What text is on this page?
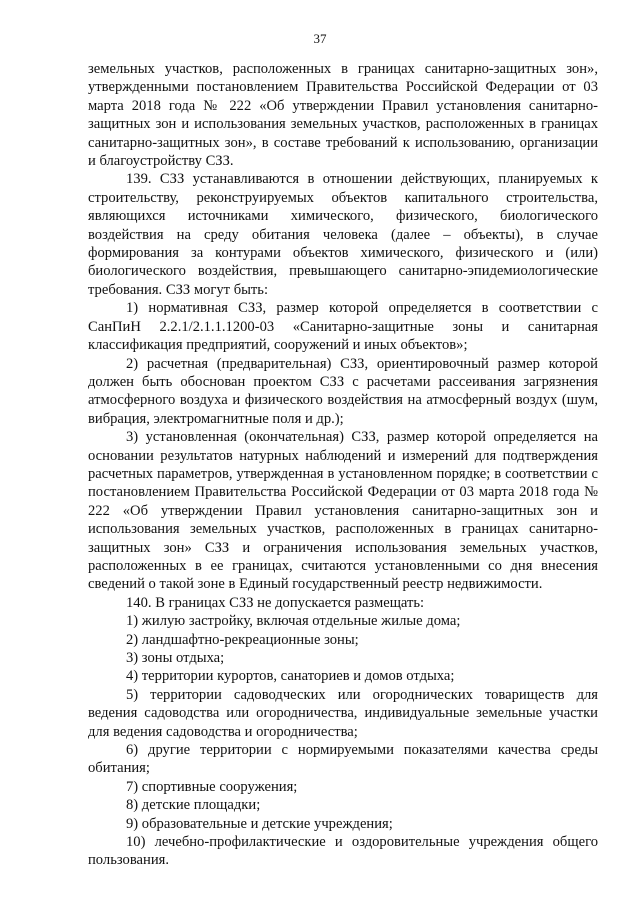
37

земельных участков, расположенных в границах санитарно-защитных зон», утвержденными постановлением Правительства Российской Федерации от 03 марта 2018 года № 222 «Об утверждении Правил установления санитарно-защитных зон и использования земельных участков, расположенных в границах санитарно-защитных зон», в составе требований к использованию, организации и благоустройству СЗЗ.

139. СЗЗ устанавливаются в отношении действующих, планируемых к строительству, реконструируемых объектов капитального строительства, являющихся источниками химического, физического, биологического воздействия на среду обитания человека (далее – объекты), в случае формирования за контурами объектов химического, физического и (или) биологического воздействия, превышающего санитарно-эпидемиологические требования. СЗЗ могут быть:

1) нормативная СЗЗ, размер которой определяется в соответствии с СанПиН 2.2.1/2.1.1.1200-03 «Санитарно-защитные зоны и санитарная классификация предприятий, сооружений и иных объектов»;

2) расчетная (предварительная) СЗЗ, ориентировочный размер которой должен быть обоснован проектом СЗЗ с расчетами рассеивания загрязнения атмосферного воздуха и физического воздействия на атмосферный воздух (шум, вибрация, электромагнитные поля и др.);

3) установленная (окончательная) СЗЗ, размер которой определяется на основании результатов натурных наблюдений и измерений для подтверждения расчетных параметров, утвержденная в установленном порядке; в соответствии с постановлением Правительства Российской Федерации от 03 марта 2018 года № 222 «Об утверждении Правил установления санитарно-защитных зон и использования земельных участков, расположенных в границах санитарно-защитных зон» СЗЗ и ограничения использования земельных участков, расположенных в ее границах, считаются установленными со дня внесения сведений о такой зоне в Единый государственный реестр недвижимости.

140. В границах СЗЗ не допускается размещать:

1) жилую застройку, включая отдельные жилые дома;

2) ландшафтно-рекреационные зоны;

3) зоны отдыха;

4) территории курортов, санаториев и домов отдыха;

5) территории садоводческих или огороднических товариществ для ведения садоводства или огородничества, индивидуальные земельные участки для ведения садоводства и огородничества;

6) другие территории с нормируемыми показателями качества среды обитания;

7) спортивные сооружения;

8) детские площадки;

9) образовательные и детские учреждения;

10) лечебно-профилактические и оздоровительные учреждения общего пользования.
